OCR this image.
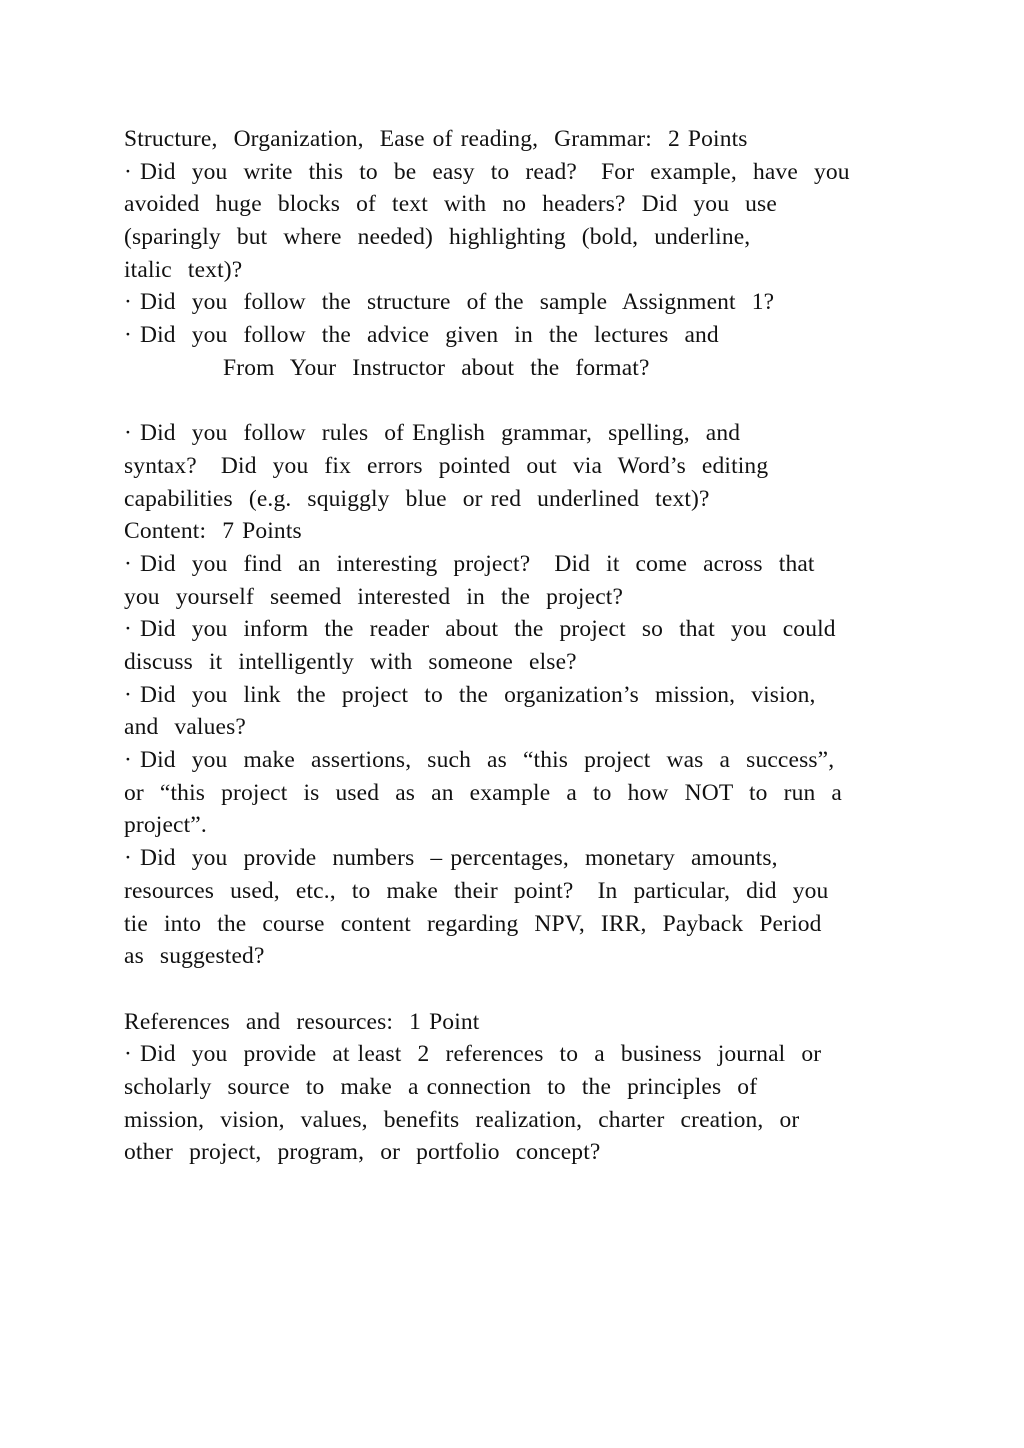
Structure,  Organization,  Ease of reading,  Grammar:  2 Points
· Did  you  write  this  to  be  easy  to  read?   For  example,  have  you
avoided  huge  blocks  of  text  with  no  headers?  Did  you  use
(sparingly  but  where  needed)  highlighting  (bold,  underline,
italic  text)?
· Did  you  follow  the  structure  of the  sample  Assignment  1?
· Did  you  follow  the  advice  given  in  the  lectures  and
From  Your  Instructor  about  the  format?
· Did  you  follow  rules  of English  grammar,  spelling,  and
syntax?   Did  you  fix  errors  pointed  out  via  Word’s  editing
capabilities  (e.g.  squiggly  blue  or red  underlined  text)?
Content:  7 Points
· Did  you  find  an  interesting  project?   Did  it  come  across  that
you  yourself  seemed  interested  in  the  project?
· Did  you  inform  the  reader  about  the  project  so  that  you  could
discuss  it  intelligently  with  someone  else?
· Did  you  link  the  project  to  the  organization’s  mission,  vision,
and  values?
· Did  you  make  assertions,  such  as  “this  project  was  a  success”,
or  “this  project  is  used  as  an  example  a  to  how  NOT  to  run  a
project”.
· Did  you  provide  numbers  – percentages,  monetary  amounts,
resources  used,  etc.,  to  make  their  point?   In  particular,  did  you
tie  into  the  course  content  regarding  NPV,  IRR,  Payback  Period
as  suggested?
References  and  resources:  1 Point
· Did  you  provide  at least  2  references  to  a  business  journal  or
scholarly  source  to  make  a connection  to  the  principles  of
mission,  vision,  values,  benefits  realization,  charter  creation,  or
other  project,  program,  or  portfolio  concept?
